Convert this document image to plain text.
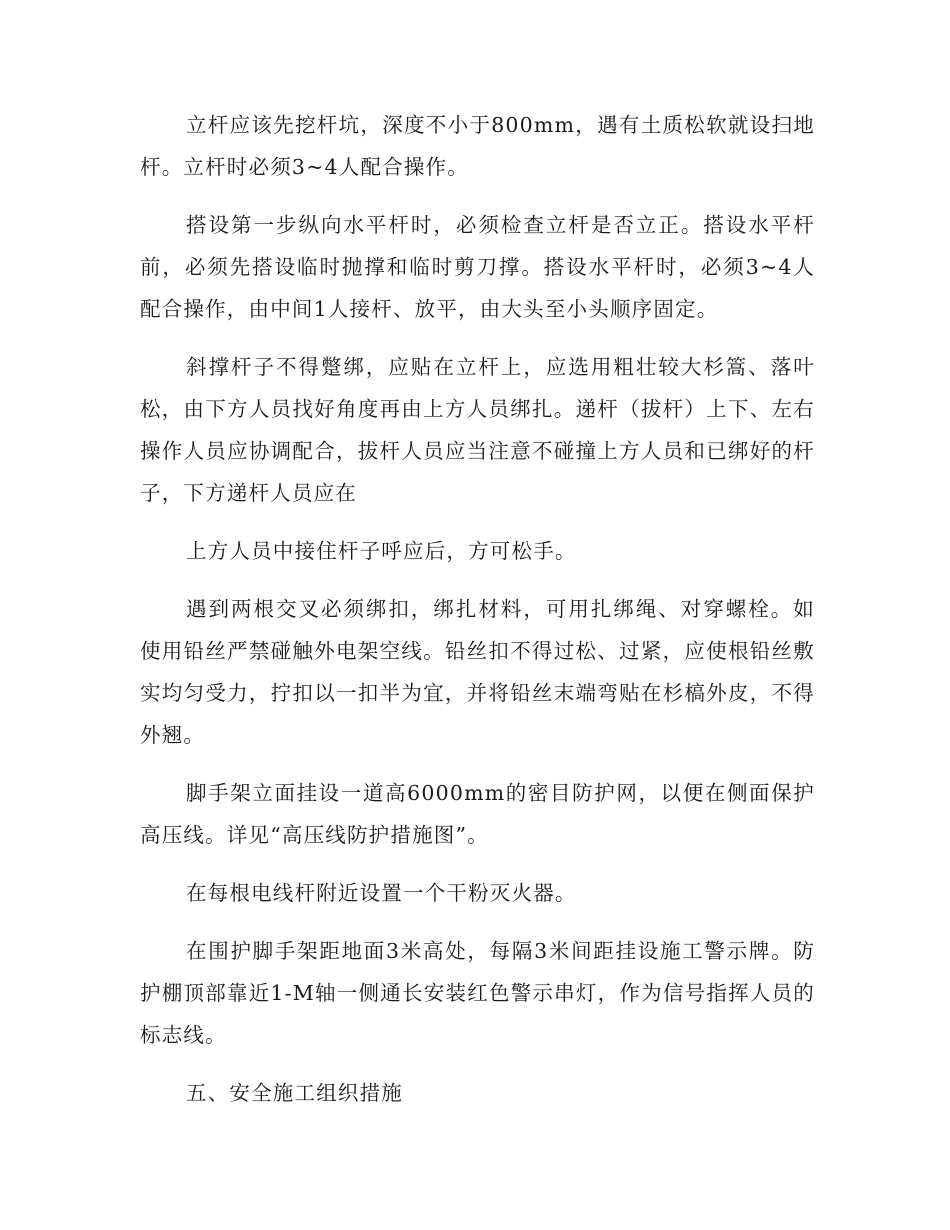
立杆应该先挖杆坑，深度不小于800mm，遇有土质松软就设扫地杆。立杆时必须3~4人配合操作。

搭设第一步纵向水平杆时，必须检查立杆是否立正。搭设水平杆前，必须先搭设临时抛撑和临时剪刀撑。搭设水平杆时，必须3~4人配合操作，由中间1人接杆、放平，由大头至小头顺序固定。

斜撑杆子不得蹩绑，应贴在立杆上，应选用粗壮较大杉篙、落叶松，由下方人员找好角度再由上方人员绑扎。递杆（拔杆）上下、左右操作人员应协调配合，拔杆人员应当注意不碰撞上方人员和已绑好的杆子，下方递杆人员应在

上方人员中接住杆子呼应后，方可松手。

遇到两根交叉必须绑扣，绑扎材料，可用扎绑绳、对穿螺栓。如使用铅丝严禁碰触外电架空线。铅丝扣不得过松、过紧，应使根铅丝敷实均匀受力，拧扣以一扣半为宜，并将铅丝末端弯贴在杉槁外皮，不得外翘。

脚手架立面挂设一道高6000mm的密目防护网，以便在侧面保护高压线。详见“高压线防护措施图”。

在每根电线杆附近设置一个干粉灭火器。

在围护脚手架距地面3米高处，每隔3米间距挂设施工警示牌。防护棚顶部靠近1-M轴一侧通长安装红色警示串灯，作为信号指挥人员的标志线。

五、安全施工组织措施
